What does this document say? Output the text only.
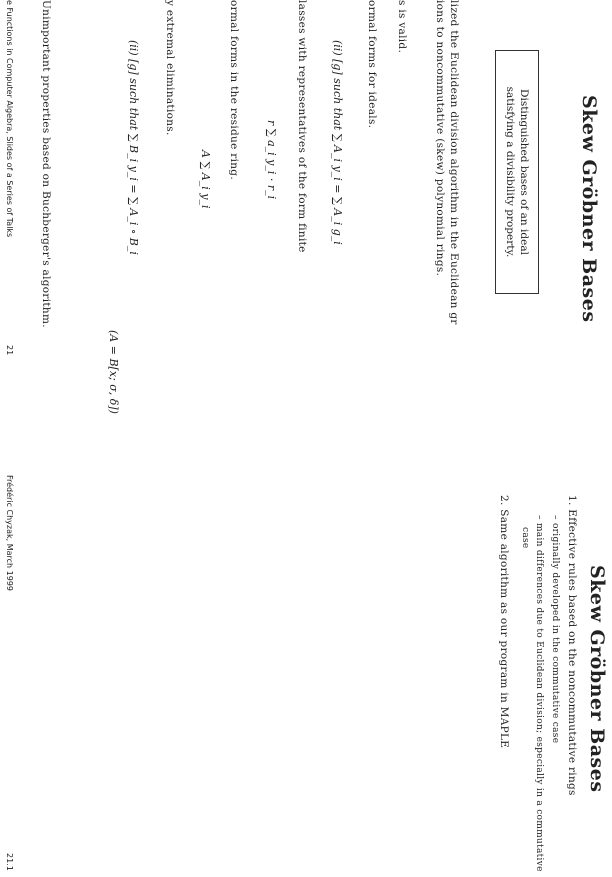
Skew Gröbner Bases
Distinguished bases of an ideal
satisfying a divisibility property.
lized the Euclidean division algorithm in the Euclidean gr
ions to noncommutative (skew) polynomial rings.
s is valid.
ormal forms for ideals.
(ii) [g] such that ∑ A_i y_i = ∑ A_i g_i
lasses with representatives of the form finite
r ∑ a_i y_i · r_i
ormal forms in the residue ring.
A ∑ A_i y_i
y extremal eliminations.
(ii) [g] such that ∑ B_i y_i = ∑ A_i ∘ B_i
(A = B[x; σ, δ])
Unimportant properties based on Buchberger's algorithm.
e Functions in Computer Algebra, Slides of a Series of Talks
21
Skew Gröbner Bases
1. Effective rules based on the noncommutative rings
– originally developed in the commutative case
– main differences due to Euclidean division; especially in a commutative
case
2. Same algorithm as our program in MAPLE
Frédéric Chyzak, March 1999
21.1
